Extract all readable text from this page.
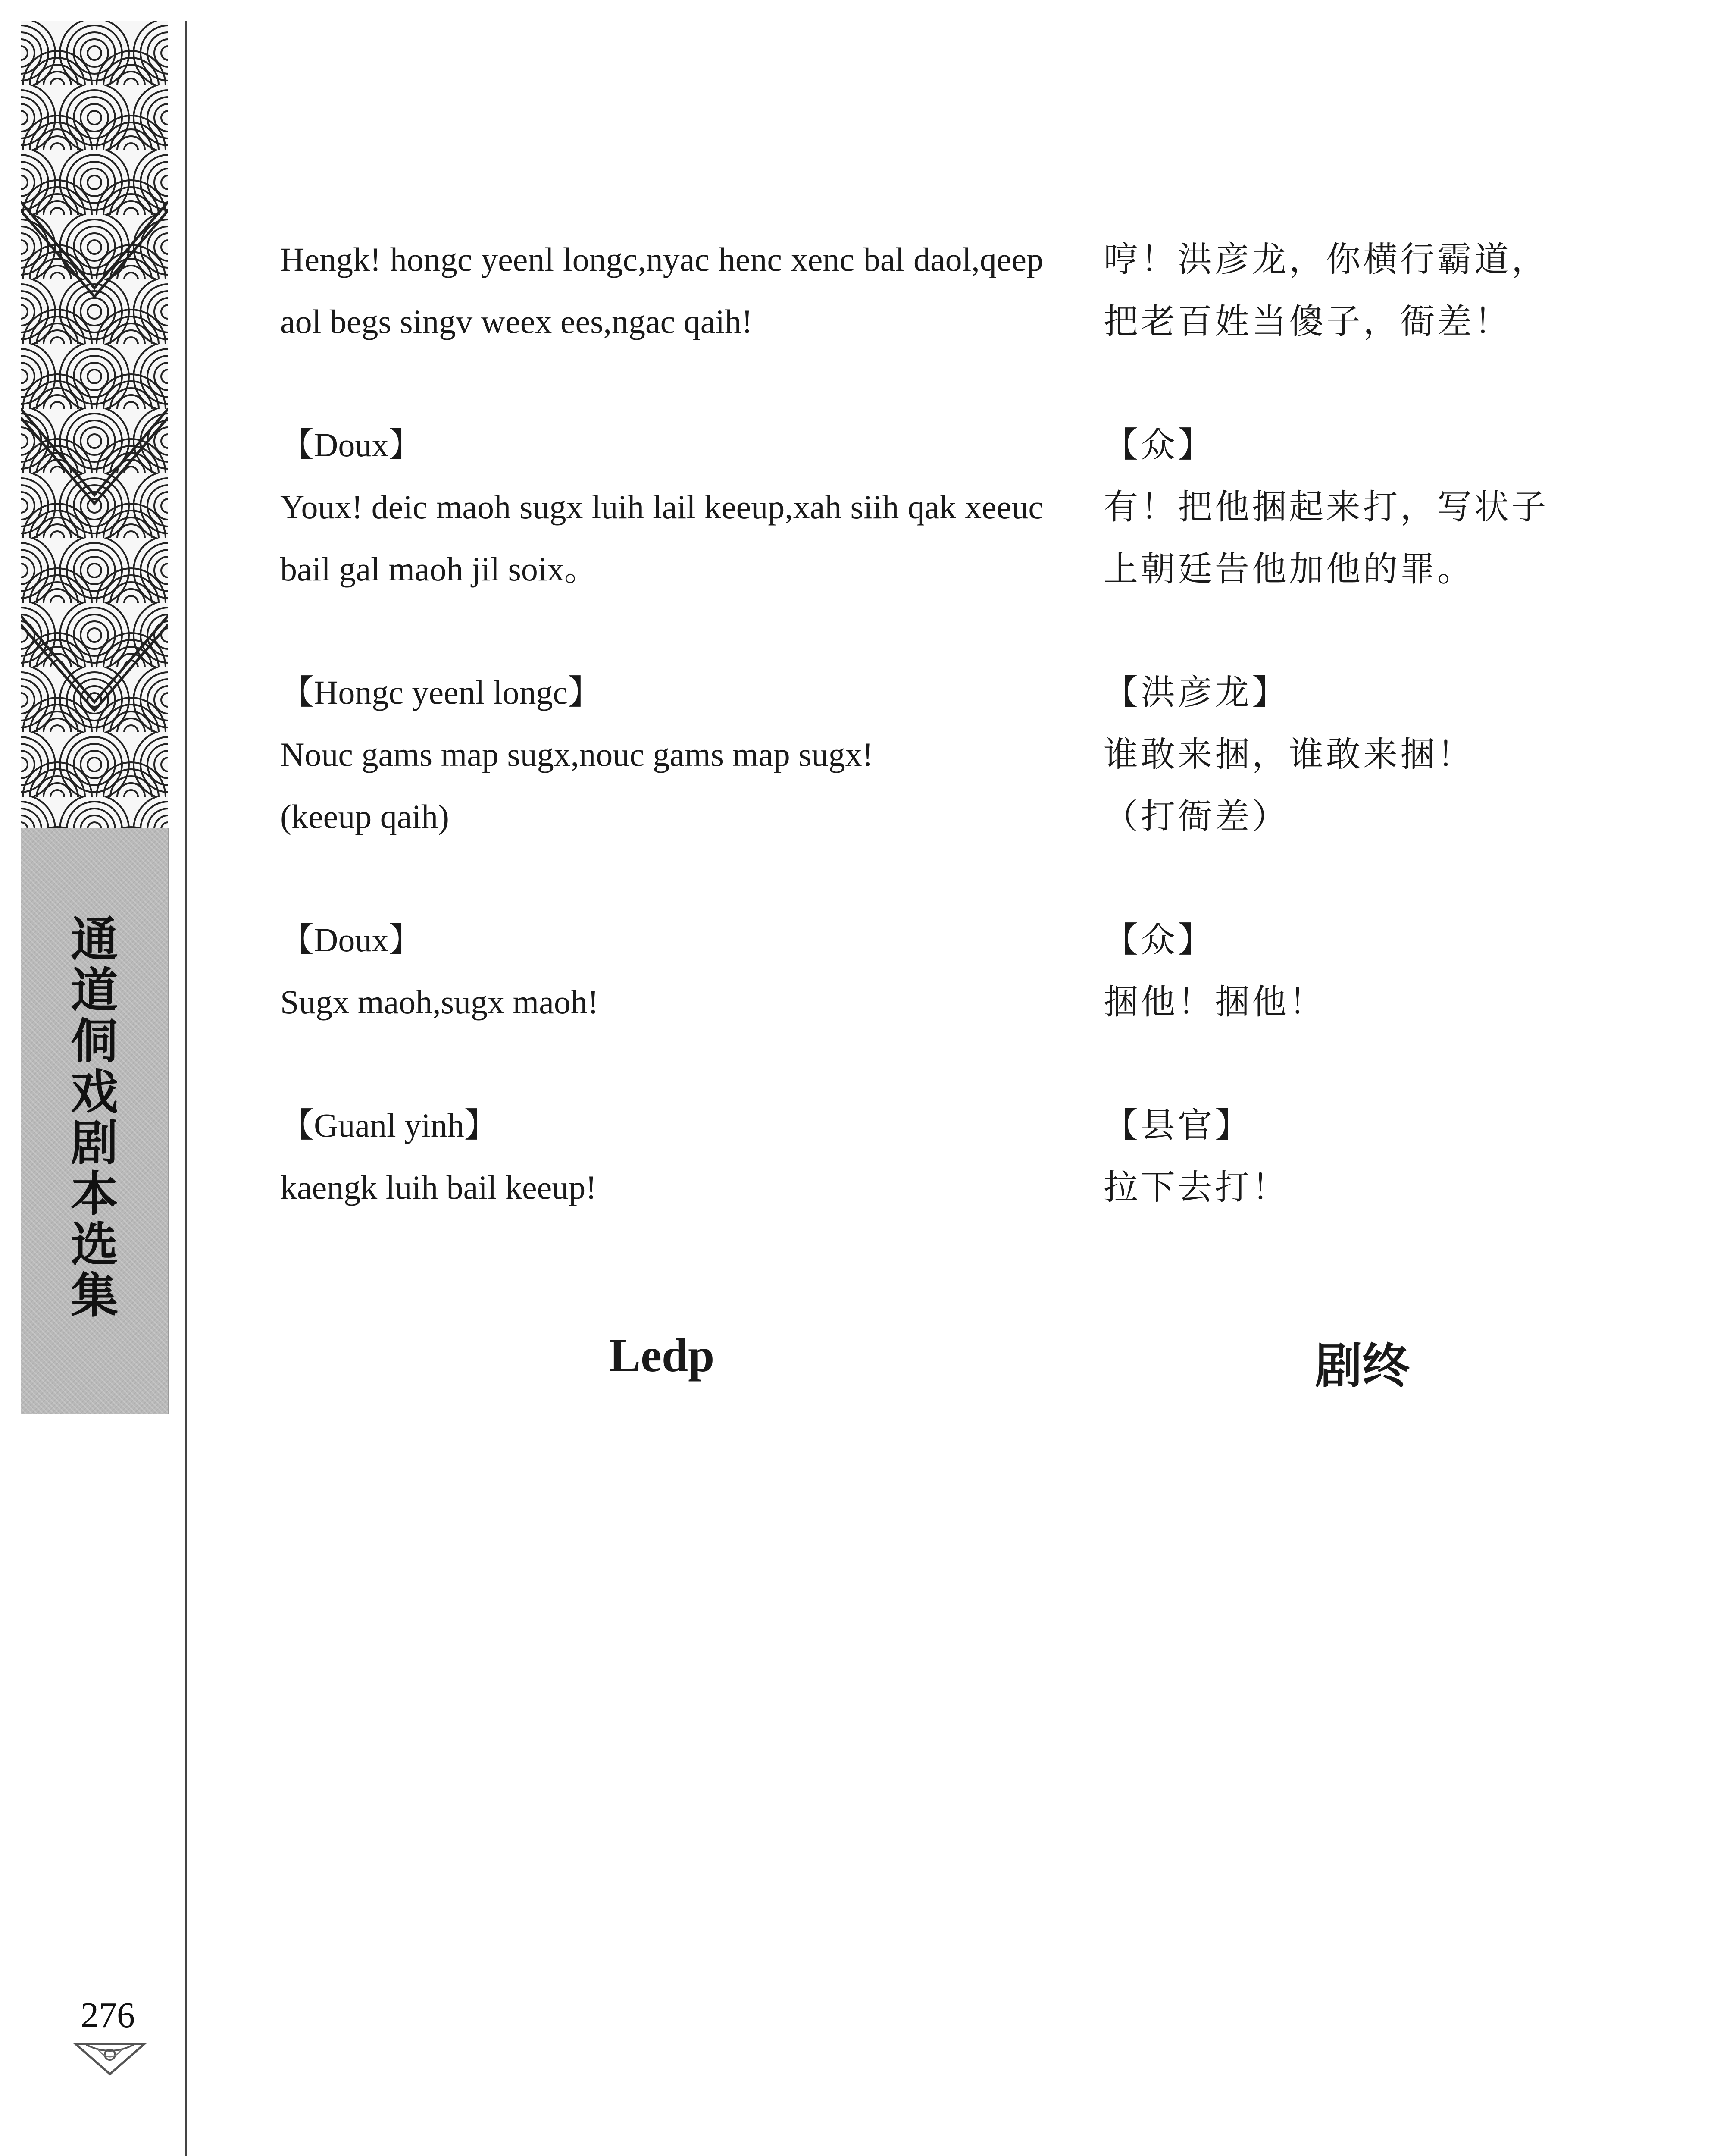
通道侗戏剧本选集
276
Hengk! hongc yeenl longc,nyac henc xenc bal daol,qeep aol begs singv weex ees,ngac qaih!
哼！洪彦龙，你横行霸道，
把老百姓当傻子，衙差！
【Doux】
Youx! deic maoh sugx luih lail keeup,xah siih qak xeeuc bail gal maoh jil soix。
【众】
有！把他捆起来打，写状子
上朝廷告他加他的罪。
【Hongc yeenl longc】
Nouc gams map sugx,nouc gams map sugx!
(keeup qaih)
【洪彦龙】
谁敢来捆，谁敢来捆！
（打衙差）
【Doux】
Sugx maoh,sugx maoh!
【众】
捆他！捆他！
【Guanl yinh】
kaengk luih bail keeup!
【县官】
拉下去打！
Ledp	剧终
